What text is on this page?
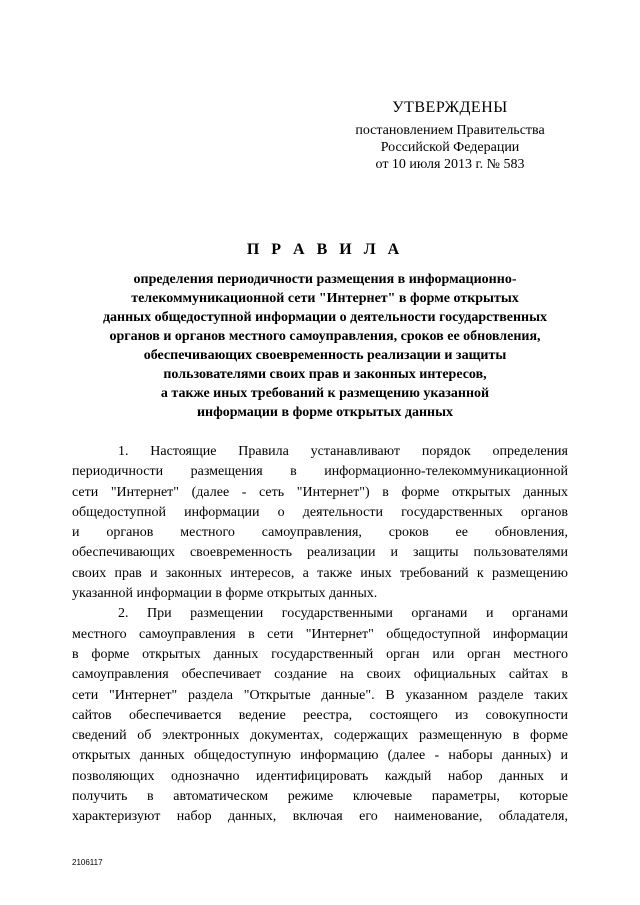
УТВЕРЖДЕНЫ
постановлением Правительства
Российской Федерации
от 10 июля 2013 г. № 583
П Р А В И Л А
определения периодичности размещения в информационно-
телекоммуникационной сети "Интернет" в форме открытых
данных общедоступной информации о деятельности государственных
органов и органов местного самоуправления, сроков ее обновления,
обеспечивающих своевременность реализации и защиты
пользователями своих прав и законных интересов,
а также иных требований к размещению указанной
информации в форме открытых данных
1. Настоящие Правила устанавливают порядок определения
периодичности размещения в информационно-телекоммуникационной
сети "Интернет" (далее - сеть "Интернет") в форме открытых данных
общедоступной информации о деятельности государственных органов
и органов местного самоуправления, сроков ее обновления,
обеспечивающих своевременность реализации и защиты пользователями
своих прав и законных интересов, а также иных требований к размещению
указанной информации в форме открытых данных.
2. При размещении государственными органами и органами
местного самоуправления в сети "Интернет" общедоступной информации
в форме открытых данных государственный орган или орган местного
самоуправления обеспечивает создание на своих официальных сайтах в
сети "Интернет" раздела "Открытые данные". В указанном разделе таких
сайтов обеспечивается ведение реестра, состоящего из совокупности
сведений об электронных документах, содержащих размещенную в форме
открытых данных общедоступную информацию (далее - наборы данных) и
позволяющих однозначно идентифицировать каждый набор данных и
получить в автоматическом режиме ключевые параметры, которые
характеризуют набор данных, включая его наименование, обладателя,
2106117
